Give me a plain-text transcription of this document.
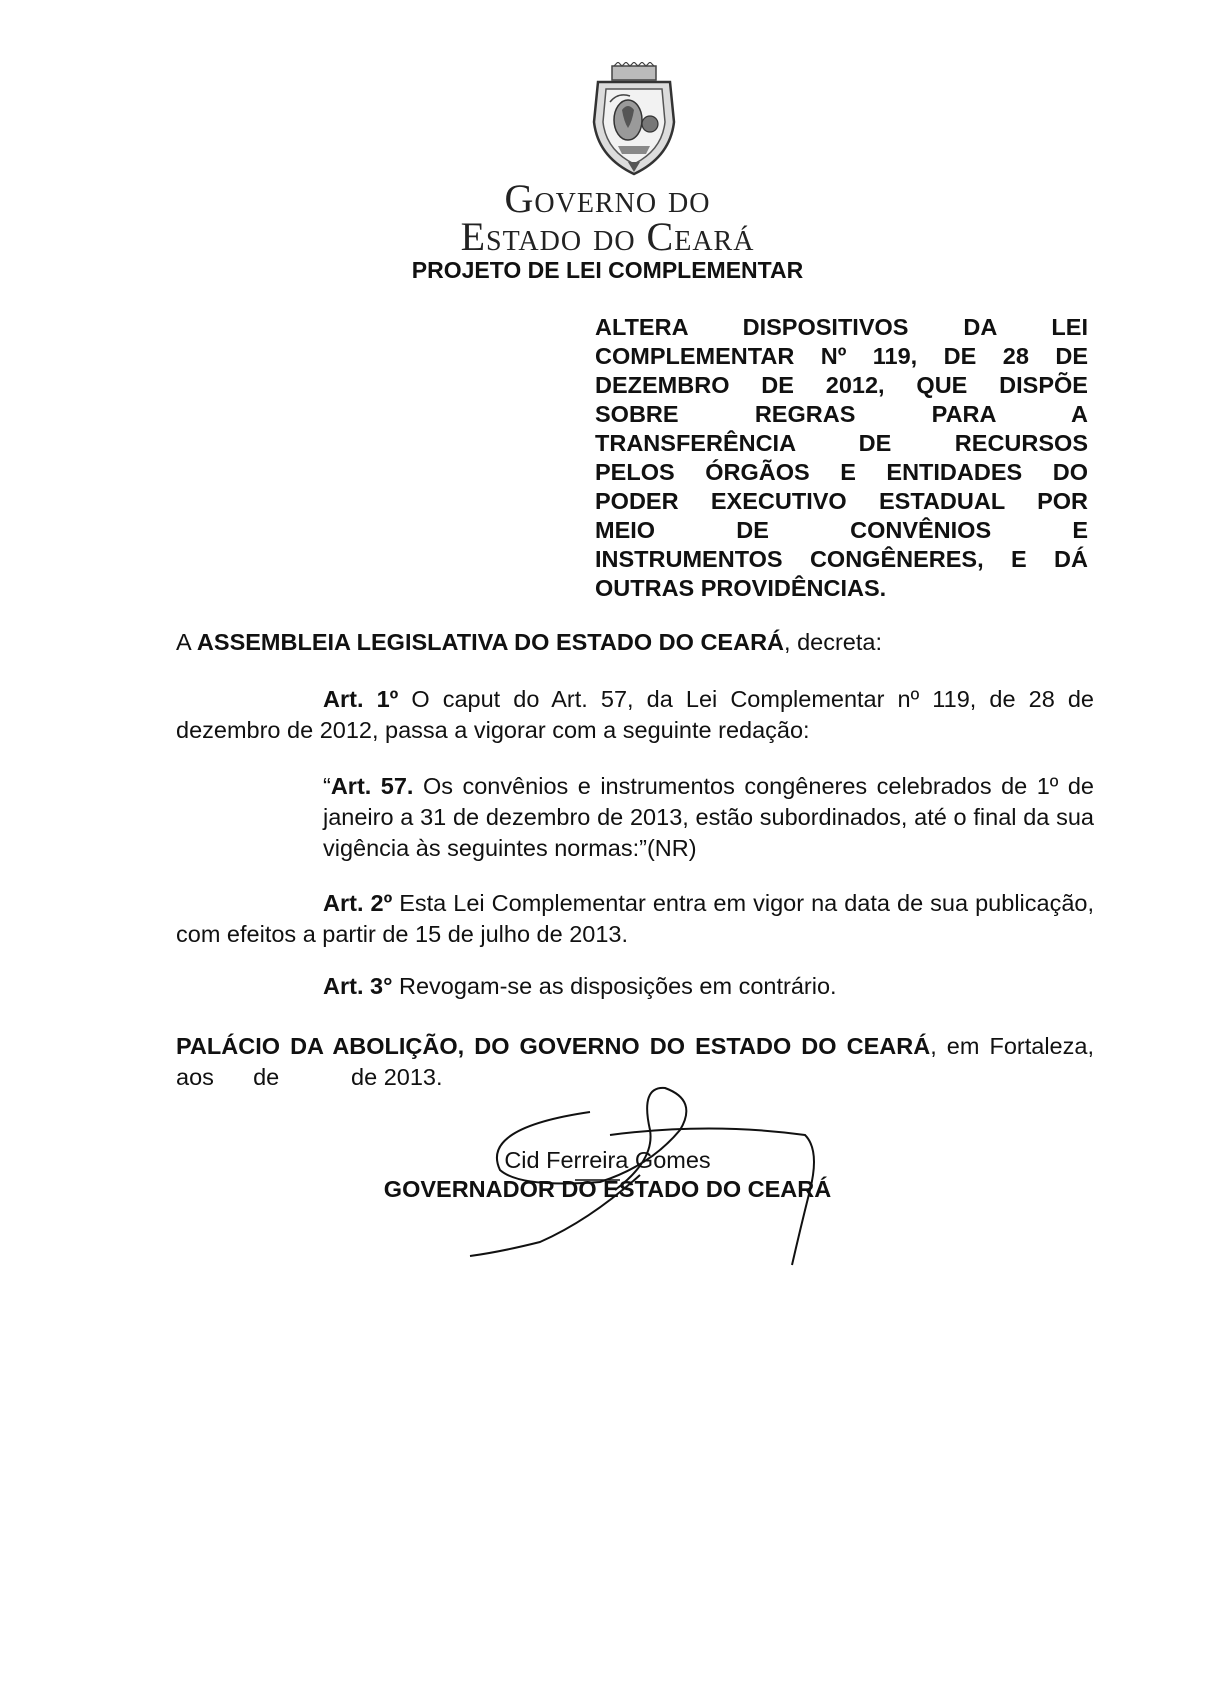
Governo do
Estado do Ceará
PROJETO DE LEI COMPLEMENTAR
ALTERA DISPOSITIVOS DA LEI
COMPLEMENTAR Nº 119, DE 28 DE
DEZEMBRO DE 2012, QUE DISPÕE
SOBRE REGRAS PARA A
TRANSFERÊNCIA DE RECURSOS
PELOS ÓRGÃOS E ENTIDADES DO
PODER EXECUTIVO ESTADUAL POR
MEIO DE CONVÊNIOS E
INSTRUMENTOS CONGÊNERES, E DÁ
OUTRAS PROVIDÊNCIAS.
A ASSEMBLEIA LEGISLATIVA DO ESTADO DO CEARÁ, decreta:
Art. 1º O caput do Art. 57, da Lei Complementar nº 119, de 28 de dezembro de 2012, passa a vigorar com a seguinte redação:
“Art. 57. Os convênios e instrumentos congêneres celebrados de 1º de janeiro a 31 de dezembro de 2013, estão subordinados, até o final da sua vigência às seguintes normas:”(NR)
Art. 2º Esta Lei Complementar entra em vigor na data de sua publicação, com efeitos a partir de 15 de julho de 2013.
Art. 3° Revogam-se as disposições em contrário.
PALÁCIO DA ABOLIÇÃO, DO GOVERNO DO ESTADO DO CEARÁ, em Fortaleza, aos      de           de 2013.
Cid Ferreira Gomes
GOVERNADOR DO ESTADO DO CEARÁ
